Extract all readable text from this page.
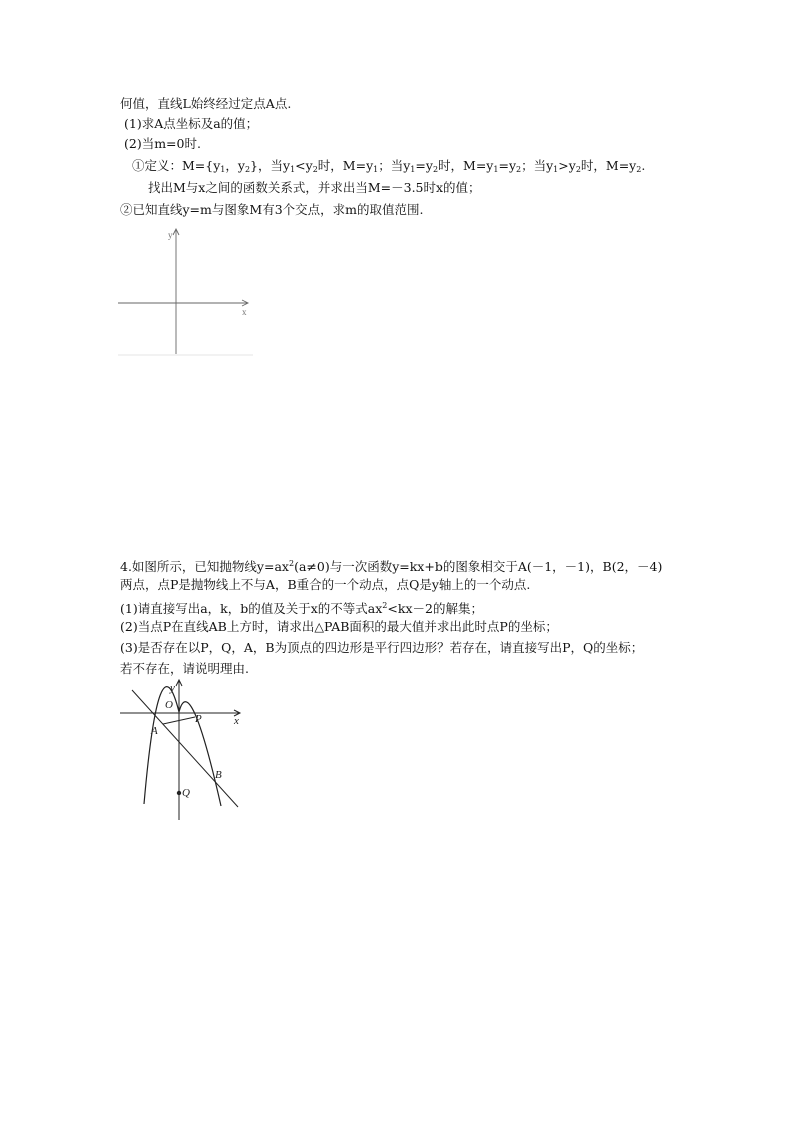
何值，直线L始终经过定点A点.
(1)求A点坐标及a的值；
(2)当m=0时.
①定义：$M=\{y_1$，$y_2$}，当$y_1<y_2$时，$M=y_1$；当$y_1=y_2$时，$M=y_1=y_2$；当$y_1>y_2$时，$M=y_2$.
找出M与x之间的函数关系式，并求出当M=－3.5时x的值；
②已知直线y=m与图象M有3个交点，求m的取值范围.
y
x
4.如图所示，已知抛物线$y=ax^2(a\ne 0)$与一次函数y=kx+b的图象相交于A(－1，－1)，B(2，－4)
两点，点P是抛物线上不与A，B重合的一个动点，点Q是y轴上的一个动点.
(1)请直接写出a，k，b的值及关于x的不等式$ax^2<kx-2$的解集；
(2)当点P在直线AB上方时，请求出△PAB面积的最大值并求出此时点P的坐标；
(3)是否存在以P，Q，A，B为顶点的四边形是平行四边形？若存在，请直接写出P，Q的坐标；
若不存在，请说明理由.
y
x
O
P
A
B
Q
